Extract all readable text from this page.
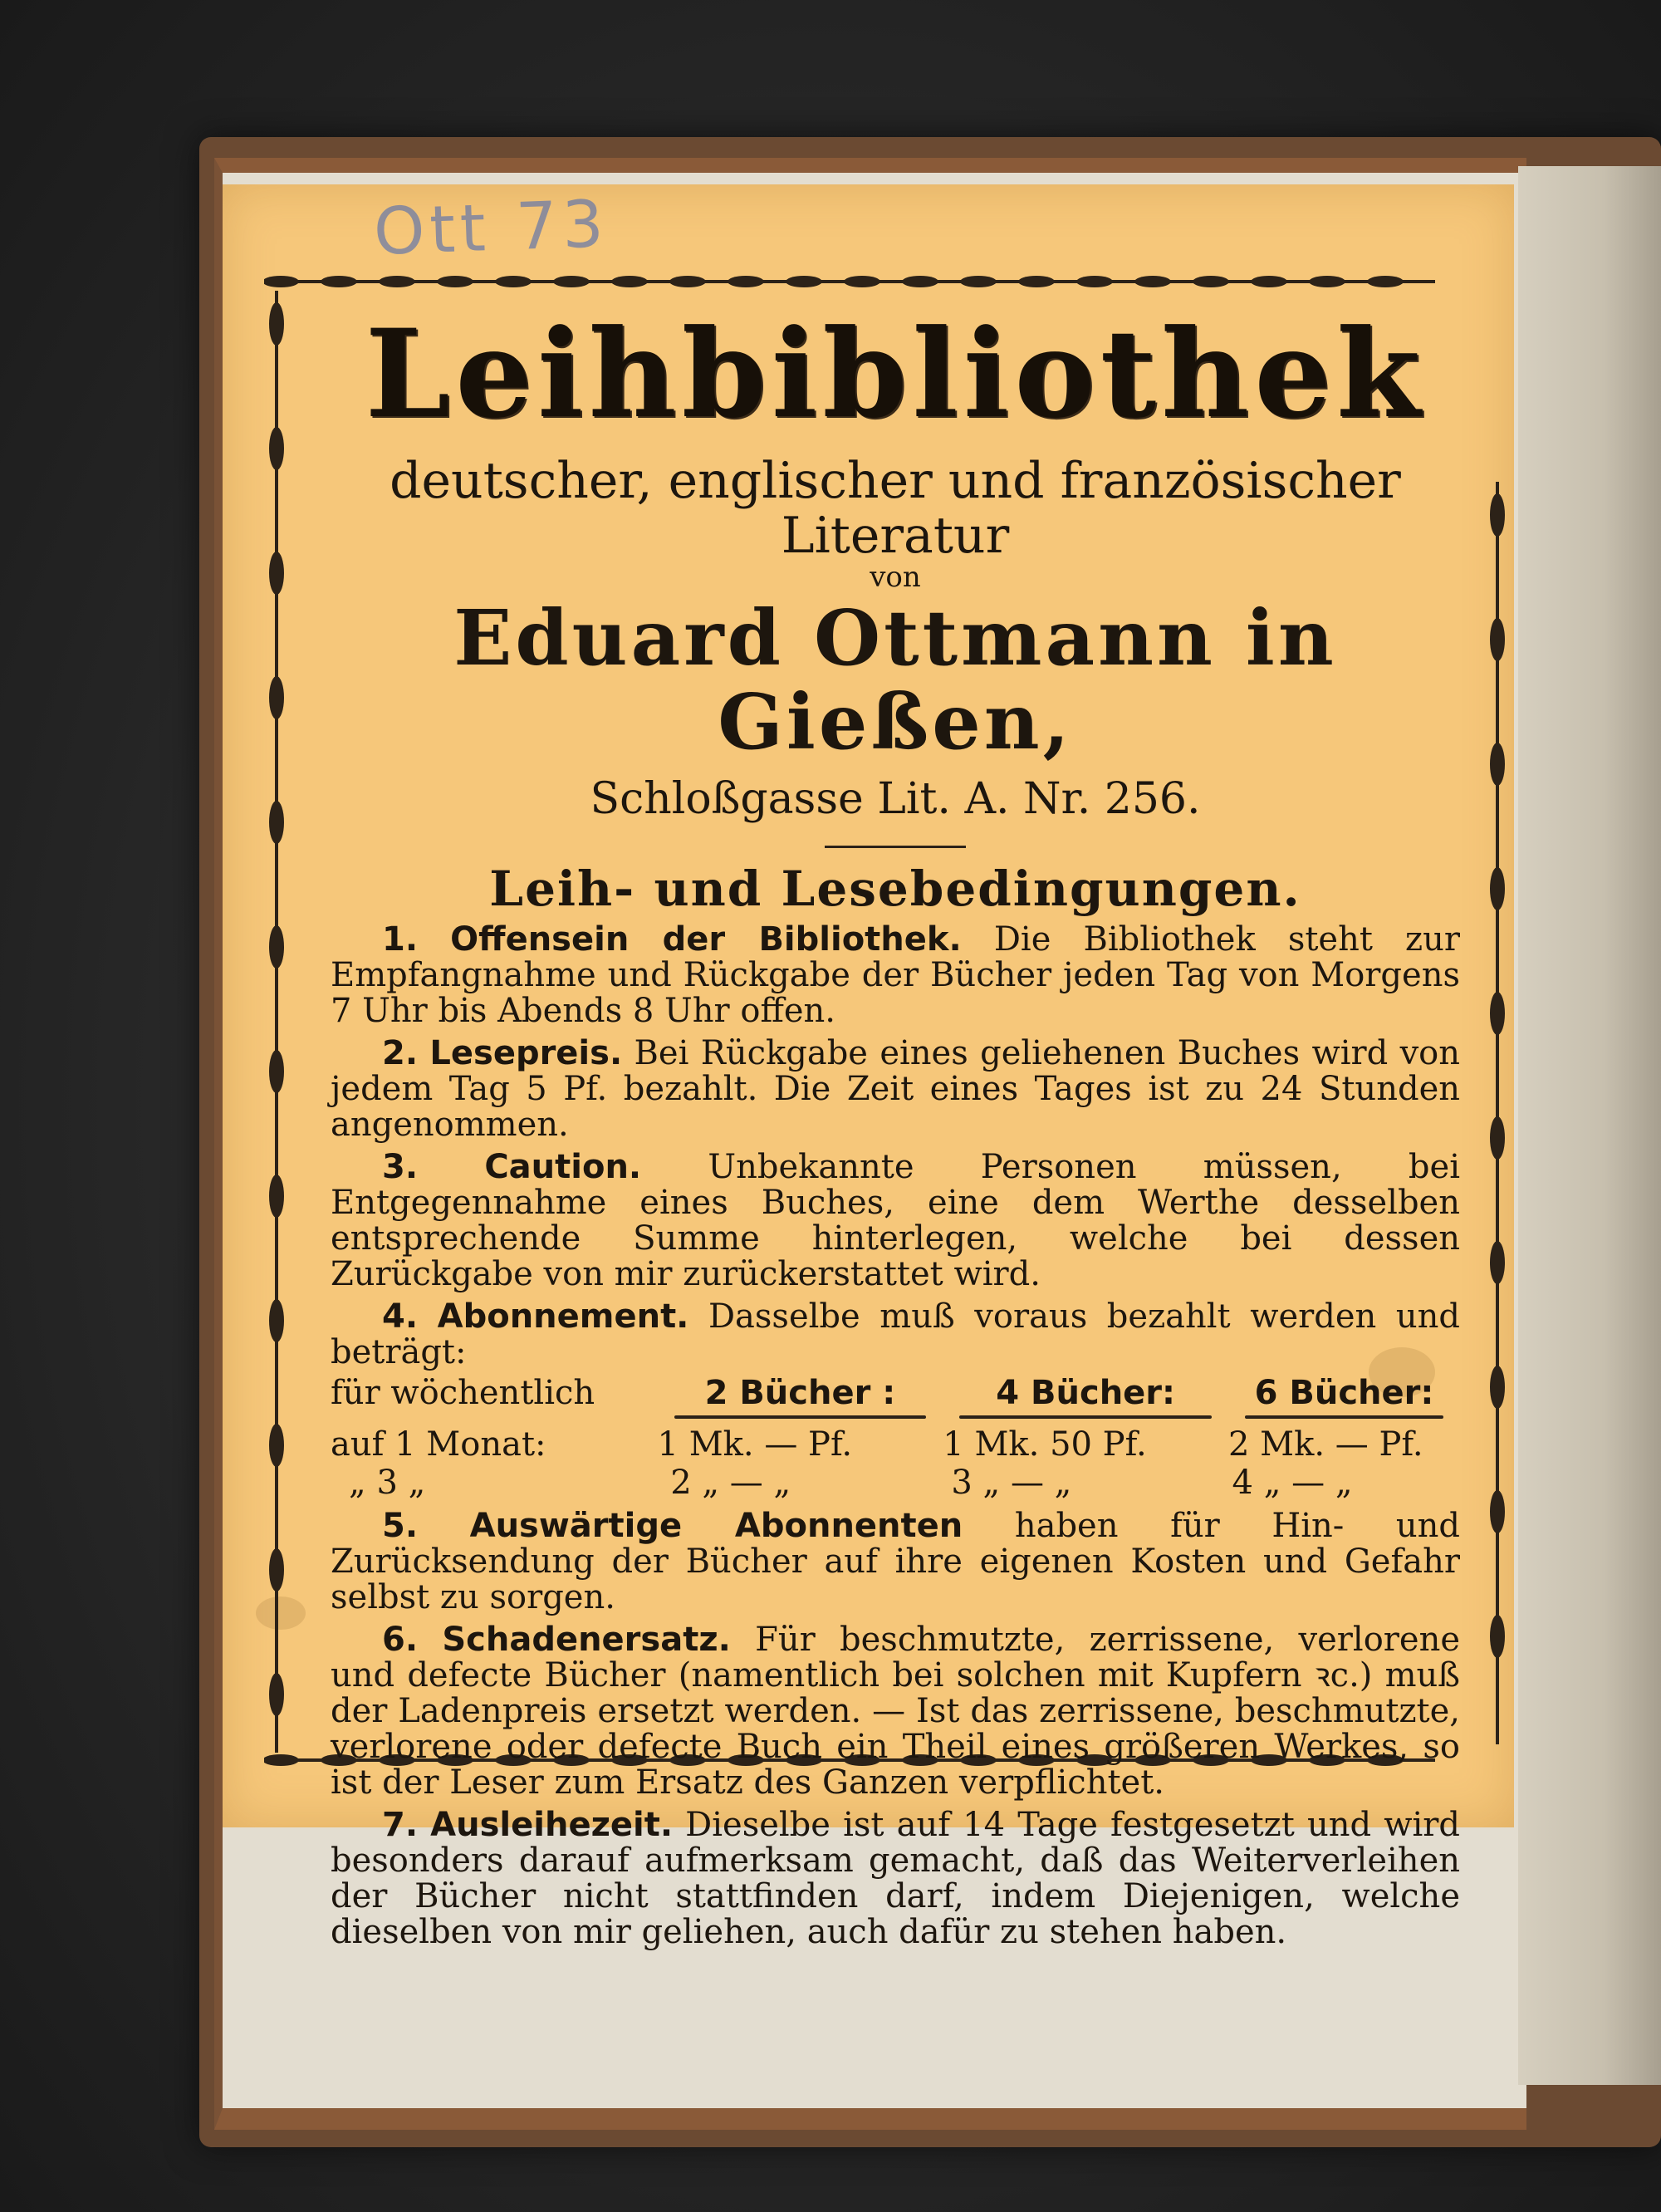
Ott 73
Leihbibliothek
deutscher, englischer und französischer Literatur
von
Eduard Ottmann in Gießen,
Schloßgasse Lit. A. Nr. 256.
Leih- und Lesebedingungen.
1. Offensein der Bibliothek. Die Bibliothek steht zur Empfangnahme und Rückgabe der Bücher jeden Tag von Morgens 7 Uhr bis Abends 8 Uhr offen.
2. Lesepreis. Bei Rückgabe eines geliehenen Buches wird von jedem Tag 5 Pf. bezahlt. Die Zeit eines Tages ist zu 24 Stunden angenommen.
3. Caution. Unbekannte Personen müssen, bei Entgegennahme eines Buches, eine dem Werthe desselben entsprechende Summe hinterlegen, welche bei dessen Zurückgabe von mir zurückerstattet wird.
4. Abonnement. Dasselbe muß voraus bezahlt werden und beträgt:
für wöchentlich	2 Bücher :	4 Bücher:	6 Bücher:
auf 1 Monat:	1 Mk. — Pf.	1 Mk. 50 Pf.	2 Mk. — Pf.
„ 3 „	2 „ — „	3 „ — „	4 „ — „
5. Auswärtige Abonnenten haben für Hin- und Zurücksendung der Bücher auf ihre eigenen Kosten und Gefahr selbst zu sorgen.
6. Schadenersatz. Für beschmutzte, zerrissene, verlorene und defecte Bücher (namentlich bei solchen mit Kupfern ꝛc.) muß der Ladenpreis ersetzt werden. — Ist das zerrissene, beschmutzte, verlorene oder defecte Buch ein Theil eines größeren Werkes, so ist der Leser zum Ersatz des Ganzen verpflichtet.
7. Ausleihezeit. Dieselbe ist auf 14 Tage festgesetzt und wird besonders darauf aufmerksam gemacht, daß das Weiterverleihen der Bücher nicht stattfinden darf, indem Diejenigen, welche dieselben von mir geliehen, auch dafür zu stehen haben.
